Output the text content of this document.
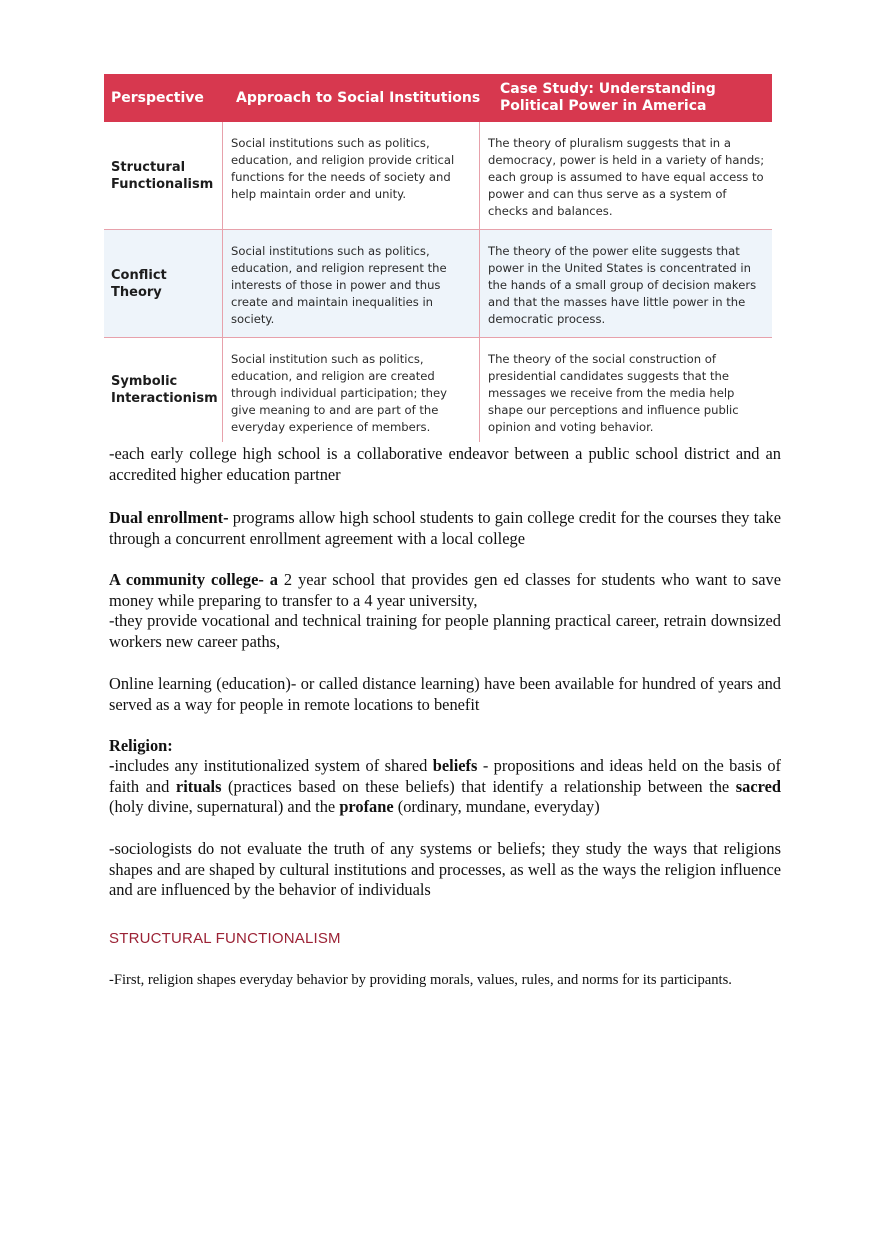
Perspective	Approach to Social Institutions
Case Study: Understanding Political Power in America
Structural Functionalism
Social institutions such as politics, education, and religion provide critical functions for the needs of society and help maintain order and unity.
The theory of pluralism suggests that in a democracy, power is held in a variety of hands; each group is assumed to have equal access to power and can thus serve as a system of checks and balances.
Conflict Theory
Social institutions such as politics, education, and religion represent the interests of those in power and thus create and maintain inequalities in society.
The theory of the power elite suggests that power in the United States is concentrated in the hands of a small group of decision makers and that the masses have little power in the democratic process.
Symbolic Interactionism
Social institution such as politics, education, and religion are created through individual participation; they give meaning to and are part of the everyday experience of members.
The theory of the social construction of presidential candidates suggests that the messages we receive from the media help shape our perceptions and influence public opinion and voting behavior.
-each early college high school is a collaborative endeavor between a public school district and an accredited higher education partner
Dual enrollment- programs allow high school students to gain college credit for the courses they take through a concurrent enrollment agreement with a local college
A community college- a 2 year school that provides gen ed classes for students who want to save money while preparing to transfer to a 4 year university,
-they provide vocational and technical training for people planning practical career, retrain downsized workers new career paths,
Online learning (education)- or called distance learning) have been available for hundred of years and served as a way for people in remote locations to benefit
Religion:
-includes any institutionalized system of shared beliefs - propositions and ideas held on the basis of faith and rituals (practices based on these beliefs) that identify a relationship between the sacred (holy divine, supernatural) and the profane (ordinary, mundane, everyday)
-sociologists do not evaluate the truth of any systems or beliefs; they study the ways that religions shapes and are shaped by cultural institutions and processes, as well as the ways the religion influence and are influenced by the behavior of individuals
STRUCTURAL FUNCTIONALISM
-First, religion shapes everyday behavior by providing morals, values, rules, and norms for its participants.
